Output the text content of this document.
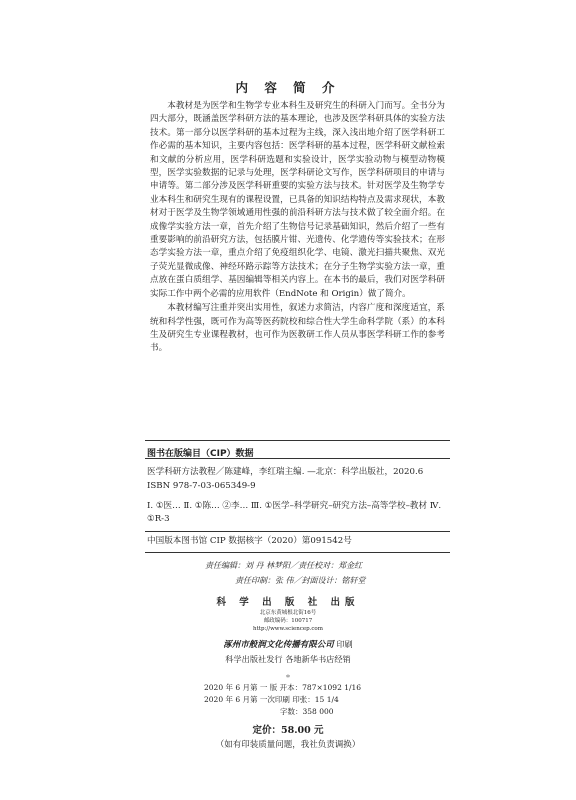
内 容 简 介

本教材是为医学和生物学专业本科生及研究生的科研入门而写。全书分为四大部分，既涵盖医学科研方法的基本理论，也涉及医学科研具体的实验方法技术。第一部分以医学科研的基本过程为主线，深入浅出地介绍了医学科研工作必需的基本知识，主要内容包括：医学科研的基本过程，医学科研文献检索和文献的分析应用，医学科研选题和实验设计，医学实验动物与模型动物模型，医学实验数据的记录与处理，医学科研论文写作，医学科研项目的申请与申请等。第二部分涉及医学科研重要的实验方法与技术。针对医学及生物学专业本科生和研究生现有的课程设置，已具备的知识结构特点及需求现状，本教材对于医学及生物学领域通用性强的前沿科研方法与技术做了较全面介绍。在成像学实验方法一章，首先介绍了生物信号记录基础知识，然后介绍了一些有重要影响的前沿研究方法，包括膜片钳、光遗传、化学遗传等实验技术；在形态学实验方法一章，重点介绍了免疫组织化学、电镜、激光扫描共聚焦、双光子荧光显微成像、神经环路示踪等方法技术；在分子生物学实验方法一章，重点放在蛋白质组学、基因编辑等相关内容上。在本书的最后，我们对医学科研实际工作中两个必需的应用软件（EndNote 和 Origin）做了简介。

本教材编写注重并突出实用性，叙述力求简洁，内容广度和深度适宜，系统和科学性强，既可作为高等医药院校和综合性大学生命科学院（系）的本科生及研究生专业课程教材，也可作为医教研工作人员从事医学科研工作的参考书。

图书在版编目（CIP）数据
医学科研方法教程／陈建峰，李红瑞主编. —北京：科学出版社，2020.6
ISBN 978-7-03-065349-9
Ⅰ. ①医… Ⅱ. ①陈… ②李… Ⅲ. ①医学–科学研究–研究方法–高等学校–教材 Ⅳ. ①R-3
中国版本图书馆 CIP 数据核字（2020）第091542号
责任编辑：刘 丹 林梦阳／责任校对：郑金红
责任印制：张 伟／封面设计：铭轩堂
科 学 出 版 社 出版
北京东黄城根北街16号
邮政编码：100717
http://www.sciencep.com
涿州市般润文化传播有限公司 印刷
科学出版社发行 各地新华书店经销
＊
2020 年 6 月第 一 版 开本：787×1092 1/16
2020 年 6 月第 一次印刷 印张：15 1/4
字数：358 000
定价：58.00 元
（如有印装质量问题，我社负责调换）
